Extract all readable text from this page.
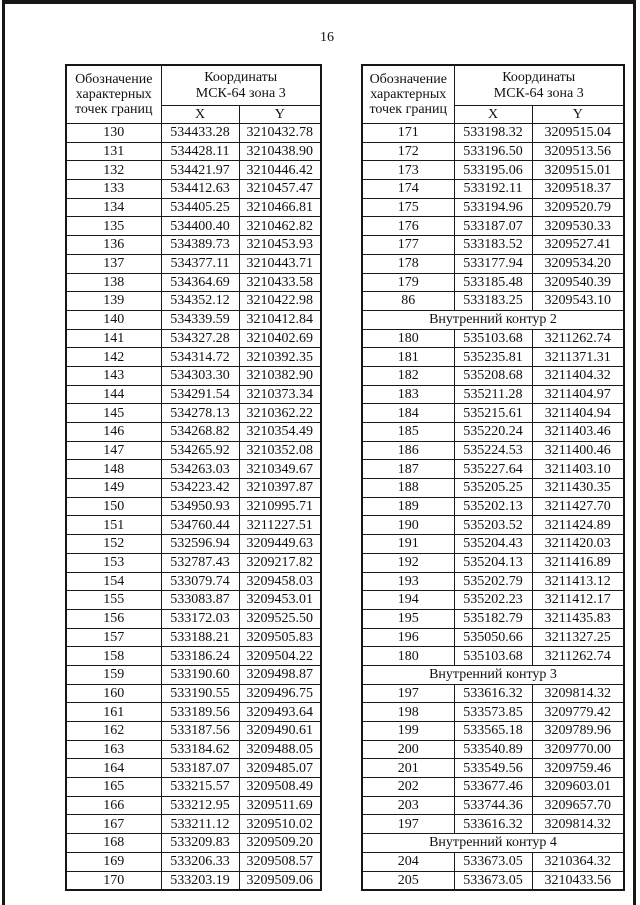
16
Обозначение
характерных
точек границ

Координаты
МСК-64 зона 3

	X	Y
130	534433.28	3210432.78
131	534428.11	3210438.90
132	534421.97	3210446.42
133	534412.63	3210457.47
134	534405.25	3210466.81
135	534400.40	3210462.82
136	534389.73	3210453.93
137	534377.11	3210443.71
138	534364.69	3210433.58
139	534352.12	3210422.98
140	534339.59	3210412.84
141	534327.28	3210402.69
142	534314.72	3210392.35
143	534303.30	3210382.90
144	534291.54	3210373.34
145	534278.13	3210362.22
146	534268.82	3210354.49
147	534265.92	3210352.08
148	534263.03	3210349.67
149	534223.42	3210397.87
150	534950.93	3210995.71
151	534760.44	3211227.51
152	532596.94	3209449.63
153	532787.43	3209217.82
154	533079.74	3209458.03
155	533083.87	3209453.01
156	533172.03	3209525.50
157	533188.21	3209505.83
158	533186.24	3209504.22
159	533190.60	3209498.87
160	533190.55	3209496.75
161	533189.56	3209493.64
162	533187.56	3209490.61
163	533184.62	3209488.05
164	533187.07	3209485.07
165	533215.57	3209508.49
166	533212.95	3209511.69
167	533211.12	3209510.02
168	533209.83	3209509.20
169	533206.33	3209508.57
170	533203.19	3209509.06
Обозначение
характерных
точек границ

Координаты
МСК-64 зона 3

	X	Y
171	533198.32	3209515.04
172	533196.50	3209513.56
173	533195.06	3209515.01
174	533192.11	3209518.37
175	533194.96	3209520.79
176	533187.07	3209530.33
177	533183.52	3209527.41
178	533177.94	3209534.20
179	533185.48	3209540.39
86	533183.25	3209543.10
Внутренний контур 2		
180	535103.68	3211262.74
181	535235.81	3211371.31
182	535208.68	3211404.32
183	535211.28	3211404.97
184	535215.61	3211404.94
185	535220.24	3211403.46
186	535224.53	3211400.46
187	535227.64	3211403.10
188	535205.25	3211430.35
189	535202.13	3211427.70
190	535203.52	3211424.89
191	535204.43	3211420.03
192	535204.13	3211416.89
193	535202.79	3211413.12
194	535202.23	3211412.17
195	535182.79	3211435.83
196	535050.66	3211327.25
180	535103.68	3211262.74
Внутренний контур 3		
197	533616.32	3209814.32
198	533573.85	3209779.42
199	533565.18	3209789.96
200	533540.89	3209770.00
201	533549.56	3209759.46
202	533677.46	3209603.01
203	533744.36	3209657.70
197	533616.32	3209814.32
Внутренний контур 4		
204	533673.05	3210364.32
205	533673.05	3210433.56
